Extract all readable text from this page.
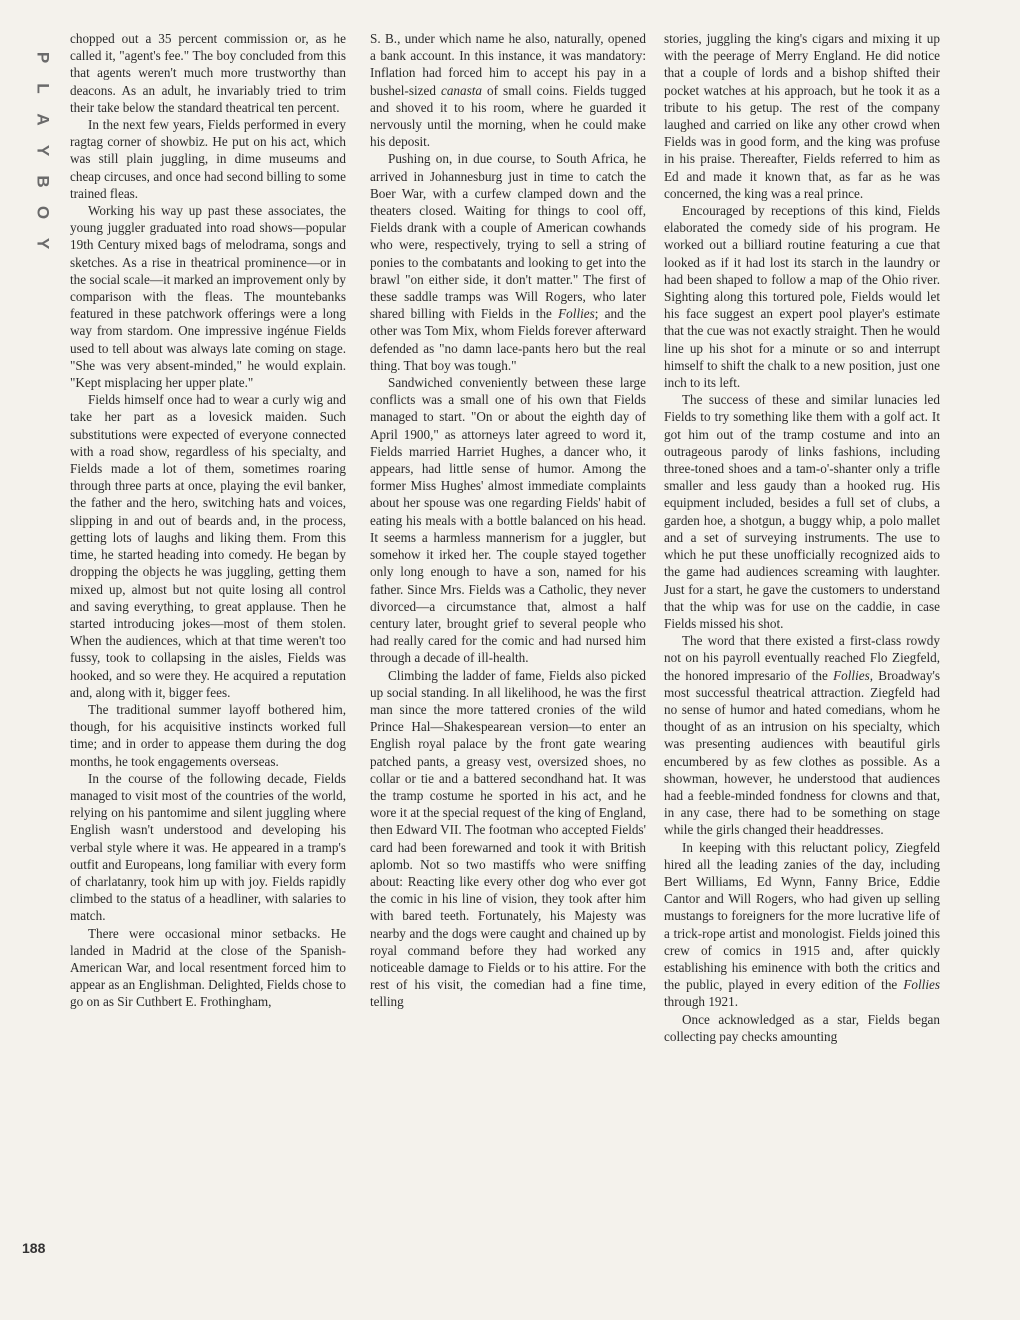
P
L
A
Y
B
O
Y
188

chopped out a 35 percent commission or, as he called it, "agent's fee." The boy concluded from this that agents weren't much more trustworthy than deacons. As an adult, he invariably tried to trim their take below the standard theatrical ten percent.

In the next few years, Fields performed in every ragtag corner of showbiz. He put on his act, which was still plain juggling, in dime museums and cheap circuses, and once had second billing to some trained fleas.

Working his way up past these associates, the young juggler graduated into road shows—popular 19th Century mixed bags of melodrama, songs and sketches. As a rise in theatrical prominence—or in the social scale—it marked an improvement only by comparison with the fleas. The mountebanks featured in these patchwork offerings were a long way from stardom. One impressive ingénue Fields used to tell about was always late coming on stage. "She was very absent-minded," he would explain. "Kept misplacing her upper plate."

Fields himself once had to wear a curly wig and take her part as a lovesick maiden. Such substitutions were expected of everyone connected with a road show, regardless of his specialty, and Fields made a lot of them, sometimes roaring through three parts at once, playing the evil banker, the father and the hero, switching hats and voices, slipping in and out of beards and, in the process, getting lots of laughs and liking them. From this time, he started heading into comedy. He began by dropping the objects he was juggling, getting them mixed up, almost but not quite losing all control and saving everything, to great applause. Then he started introducing jokes—most of them stolen. When the audiences, which at that time weren't too fussy, took to collapsing in the aisles, Fields was hooked, and so were they. He acquired a reputation and, along with it, bigger fees.

The traditional summer layoff bothered him, though, for his acquisitive instincts worked full time; and in order to appease them during the dog months, he took engagements overseas.

In the course of the following decade, Fields managed to visit most of the countries of the world, relying on his pantomime and silent juggling where English wasn't understood and developing his verbal style where it was. He appeared in a tramp's outfit and Europeans, long familiar with every form of charlatanry, took him up with joy. Fields rapidly climbed to the status of a headliner, with salaries to match.

There were occasional minor setbacks. He landed in Madrid at the close of the Spanish-American War, and local resentment forced him to appear as an Englishman. Delighted, Fields chose to go on as Sir Cuthbert E. Frothingham,

S. B., under which name he also, naturally, opened a bank account. In this instance, it was mandatory: Inflation had forced him to accept his pay in a bushel-sized canasta of small coins. Fields tugged and shoved it to his room, where he guarded it nervously until the morning, when he could make his deposit.

Pushing on, in due course, to South Africa, he arrived in Johannesburg just in time to catch the Boer War, with a curfew clamped down and the theaters closed. Waiting for things to cool off, Fields drank with a couple of American cowhands who were, respectively, trying to sell a string of ponies to the combatants and looking to get into the brawl "on either side, it don't matter." The first of these saddle tramps was Will Rogers, who later shared billing with Fields in the Follies; and the other was Tom Mix, whom Fields forever afterward defended as "no damn lace-pants hero but the real thing. That boy was tough."

Sandwiched conveniently between these large conflicts was a small one of his own that Fields managed to start. "On or about the eighth day of April 1900," as attorneys later agreed to word it, Fields married Harriet Hughes, a dancer who, it appears, had little sense of humor. Among the former Miss Hughes' almost immediate complaints about her spouse was one regarding Fields' habit of eating his meals with a bottle balanced on his head. It seems a harmless mannerism for a juggler, but somehow it irked her. The couple stayed together only long enough to have a son, named for his father. Since Mrs. Fields was a Catholic, they never divorced—a circumstance that, almost a half century later, brought grief to several people who had really cared for the comic and had nursed him through a decade of ill-health.

Climbing the ladder of fame, Fields also picked up social standing. In all likelihood, he was the first man since the more tattered cronies of the wild Prince Hal—Shakespearean version—to enter an English royal palace by the front gate wearing patched pants, a greasy vest, oversized shoes, no collar or tie and a battered secondhand hat. It was the tramp costume he sported in his act, and he wore it at the special request of the king of England, then Edward VII. The footman who accepted Fields' card had been forewarned and took it with British aplomb. Not so two mastiffs who were sniffing about: Reacting like every other dog who ever got the comic in his line of vision, they took after him with bared teeth. Fortunately, his Majesty was nearby and the dogs were caught and chained up by royal command before they had worked any noticeable damage to Fields or to his attire. For the rest of his visit, the comedian had a fine time, telling

stories, juggling the king's cigars and mixing it up with the peerage of Merry England. He did notice that a couple of lords and a bishop shifted their pocket watches at his approach, but he took it as a tribute to his getup. The rest of the company laughed and carried on like any other crowd when Fields was in good form, and the king was profuse in his praise. Thereafter, Fields referred to him as Ed and made it known that, as far as he was concerned, the king was a real prince.

Encouraged by receptions of this kind, Fields elaborated the comedy side of his program. He worked out a billiard routine featuring a cue that looked as if it had lost its starch in the laundry or had been shaped to follow a map of the Ohio river. Sighting along this tortured pole, Fields would let his face suggest an expert pool player's estimate that the cue was not exactly straight. Then he would line up his shot for a minute or so and interrupt himself to shift the chalk to a new position, just one inch to its left.

The success of these and similar lunacies led Fields to try something like them with a golf act. It got him out of the tramp costume and into an outrageous parody of links fashions, including three-toned shoes and a tam-o'-shanter only a trifle smaller and less gaudy than a hooked rug. His equipment included, besides a full set of clubs, a garden hoe, a shotgun, a buggy whip, a polo mallet and a set of surveying instruments. The use to which he put these unofficially recognized aids to the game had audiences screaming with laughter. Just for a start, he gave the customers to understand that the whip was for use on the caddie, in case Fields missed his shot.

The word that there existed a first-class rowdy not on his payroll eventually reached Flo Ziegfeld, the honored impresario of the Follies, Broadway's most successful theatrical attraction. Ziegfeld had no sense of humor and hated comedians, whom he thought of as an intrusion on his specialty, which was presenting audiences with beautiful girls encumbered by as few clothes as possible. As a showman, however, he understood that audiences had a feeble-minded fondness for clowns and that, in any case, there had to be something on stage while the girls changed their headdresses.

In keeping with this reluctant policy, Ziegfeld hired all the leading zanies of the day, including Bert Williams, Ed Wynn, Fanny Brice, Eddie Cantor and Will Rogers, who had given up selling mustangs to foreigners for the more lucrative life of a trick-rope artist and monologist. Fields joined this crew of comics in 1915 and, after quickly establishing his eminence with both the critics and the public, played in every edition of the Follies through 1921.

Once acknowledged as a star, Fields began collecting pay checks amounting
